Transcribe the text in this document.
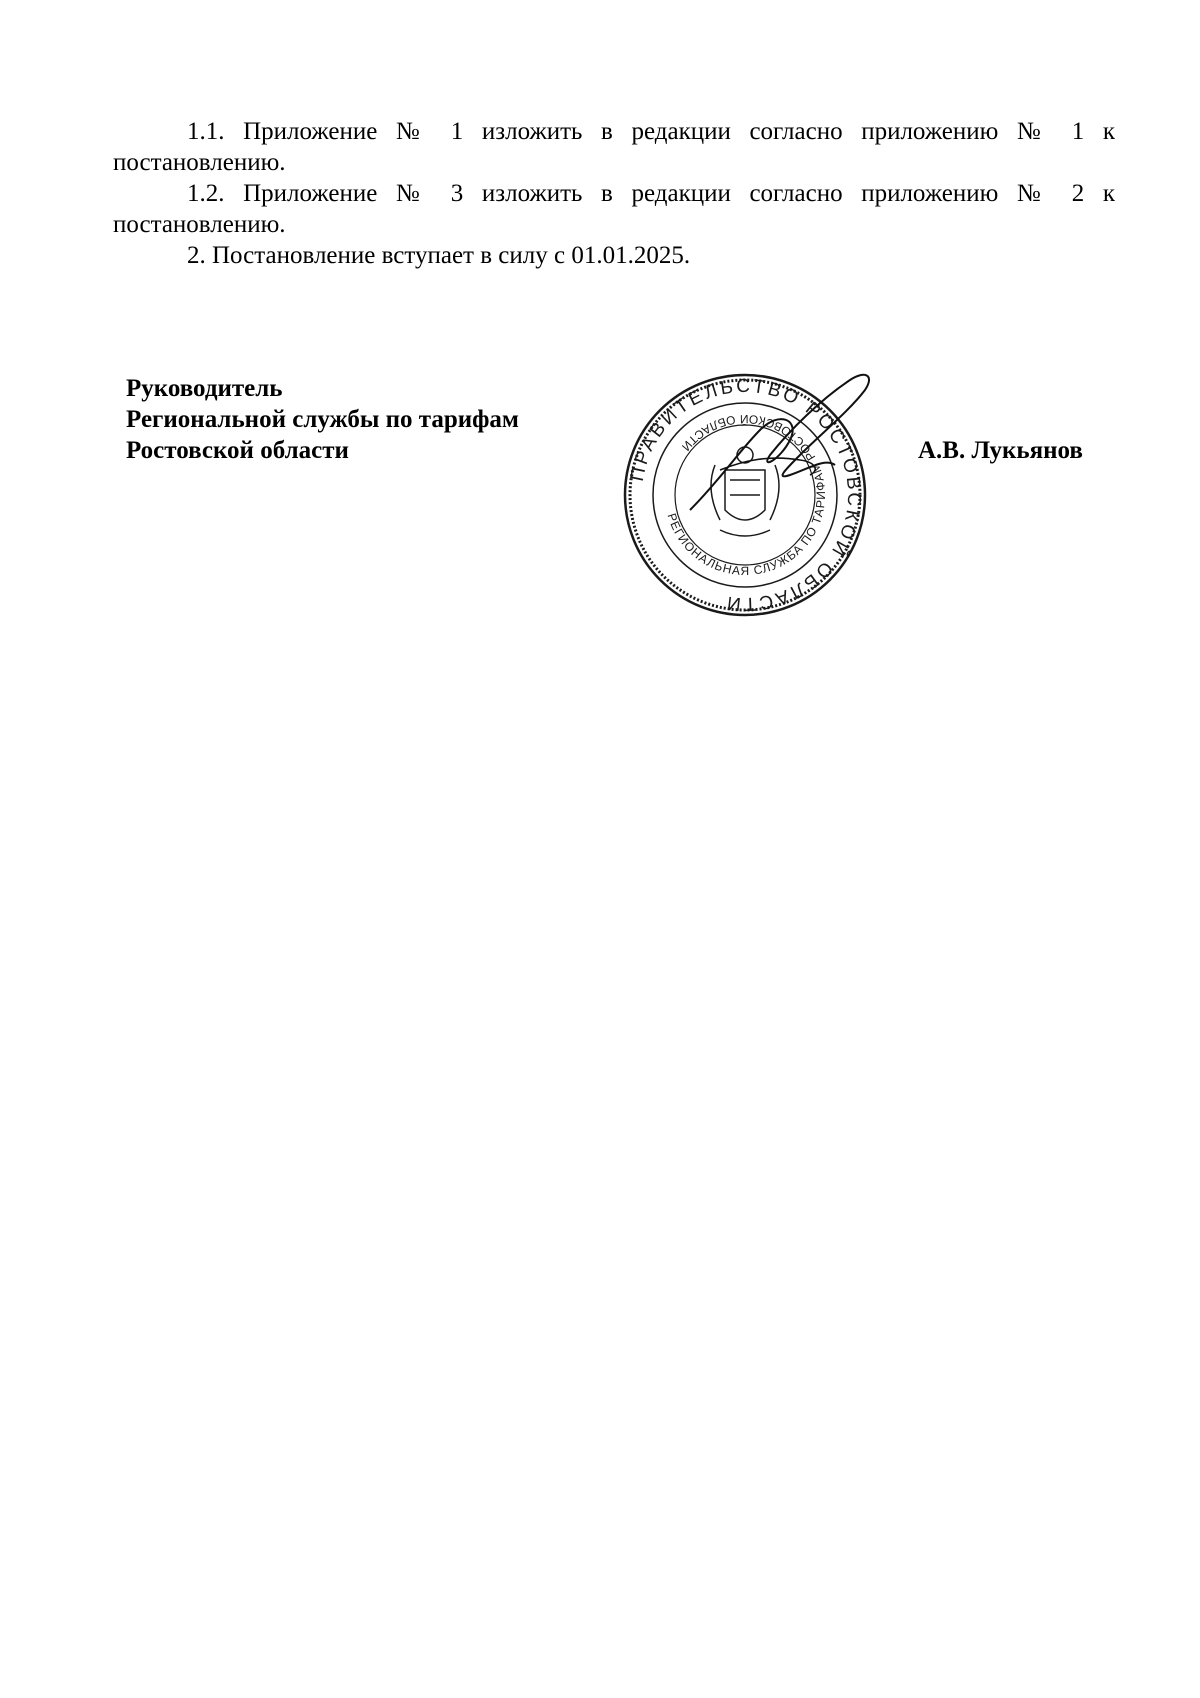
1.1. Приложение № 1 изложить в редакции согласно приложению № 1 к постановлению.

1.2. Приложение № 3 изложить в редакции согласно приложению № 2 к постановлению.

2. Постановление вступает в силу с 01.01.2025.

Руководитель
Региональной службы по тарифам
Ростовской области
ПРАВИТЕЛЬСТВО РОСТОВСКОЙ ОБЛАСТИ
РЕГИОНАЛЬНАЯ СЛУЖБА ПО ТАРИФАМ РОСТОВСКОЙ ОБЛАСТИ	А.В. Лукьянов
